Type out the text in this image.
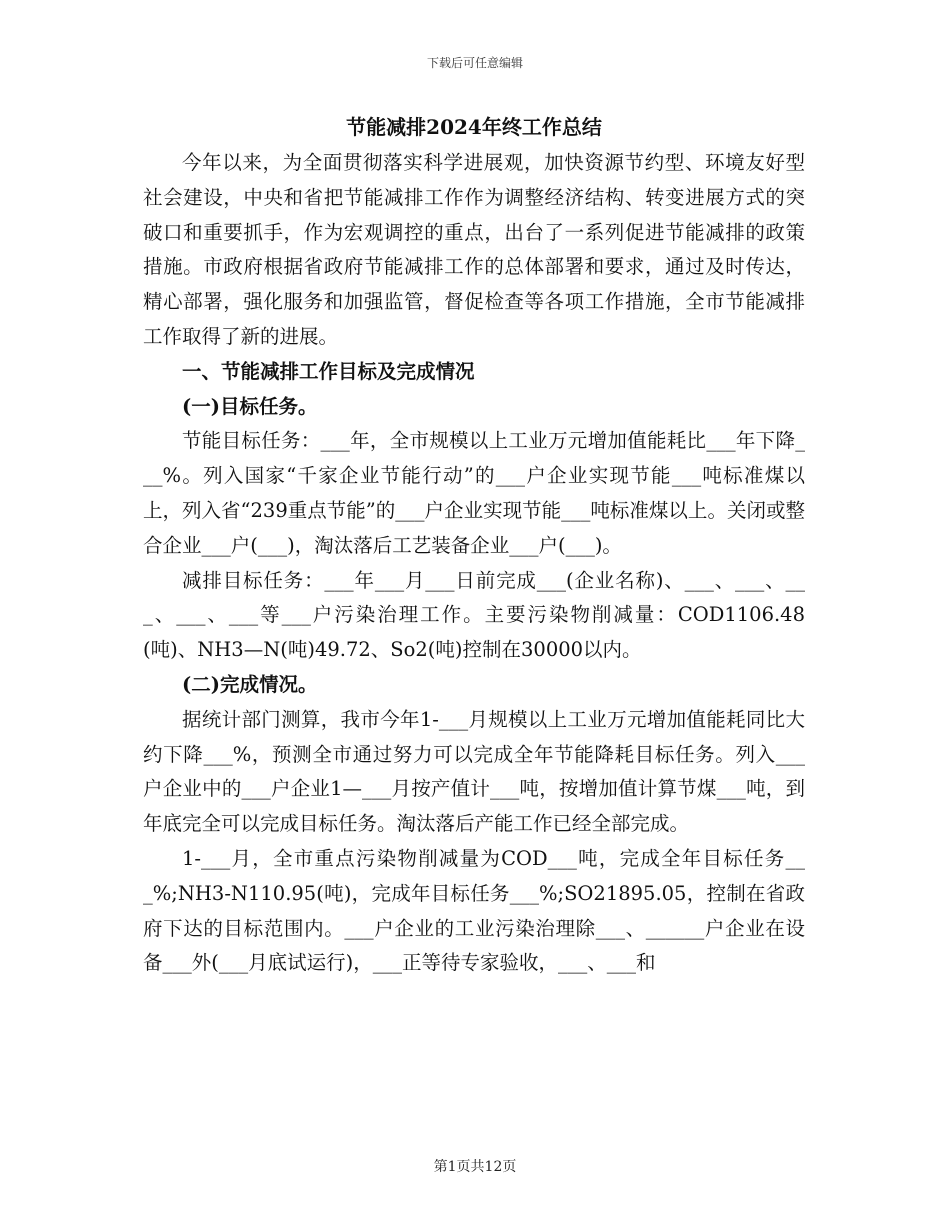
下载后可任意编辑
节能减排2024年终工作总结

今年以来，为全面贯彻落实科学进展观，加快资源节约型、环境友好型社会建设，中央和省把节能减排工作作为调整经济结构、转变进展方式的突破口和重要抓手，作为宏观调控的重点，出台了一系列促进节能减排的政策措施。市政府根据省政府节能减排工作的总体部署和要求，通过及时传达，精心部署，强化服务和加强监管，督促检查等各项工作措施，全市节能减排工作取得了新的进展。

一、节能减排工作目标及完成情况

(一)目标任务。

节能目标任务：___年，全市规模以上工业万元增加值能耗比___年下降___%。列入国家“千家企业节能行动”的___户企业实现节能___吨标准煤以上，列入省“239重点节能”的___户企业实现节能___吨标准煤以上。关闭或整合企业___户(___)，淘汰落后工艺装备企业___户(___)。

减排目标任务：___年___月___日前完成___(企业名称)、___、___、___、___、___等___户污染治理工作。主要污染物削减量：COD1106.48(吨)、NH3—N(吨)49.72、So2(吨)控制在30000以内。

(二)完成情况。

据统计部门测算，我市今年1-___月规模以上工业万元增加值能耗同比大约下降___%，预测全市通过努力可以完成全年节能降耗目标任务。列入___户企业中的___户企业1—___月按产值计___吨，按增加值计算节煤___吨，到年底完全可以完成目标任务。淘汰落后产能工作已经全部完成。

1-___月，全市重点污染物削减量为COD___吨，完成全年目标任务___%;NH3-N110.95(吨)，完成年目标任务___%;SO21895.05，控制在省政府下达的目标范围内。___户企业的工业污染治理除___、______户企业在设备___外(___月底试运行)，___正等待专家验收，___、___和

第1页共12页
